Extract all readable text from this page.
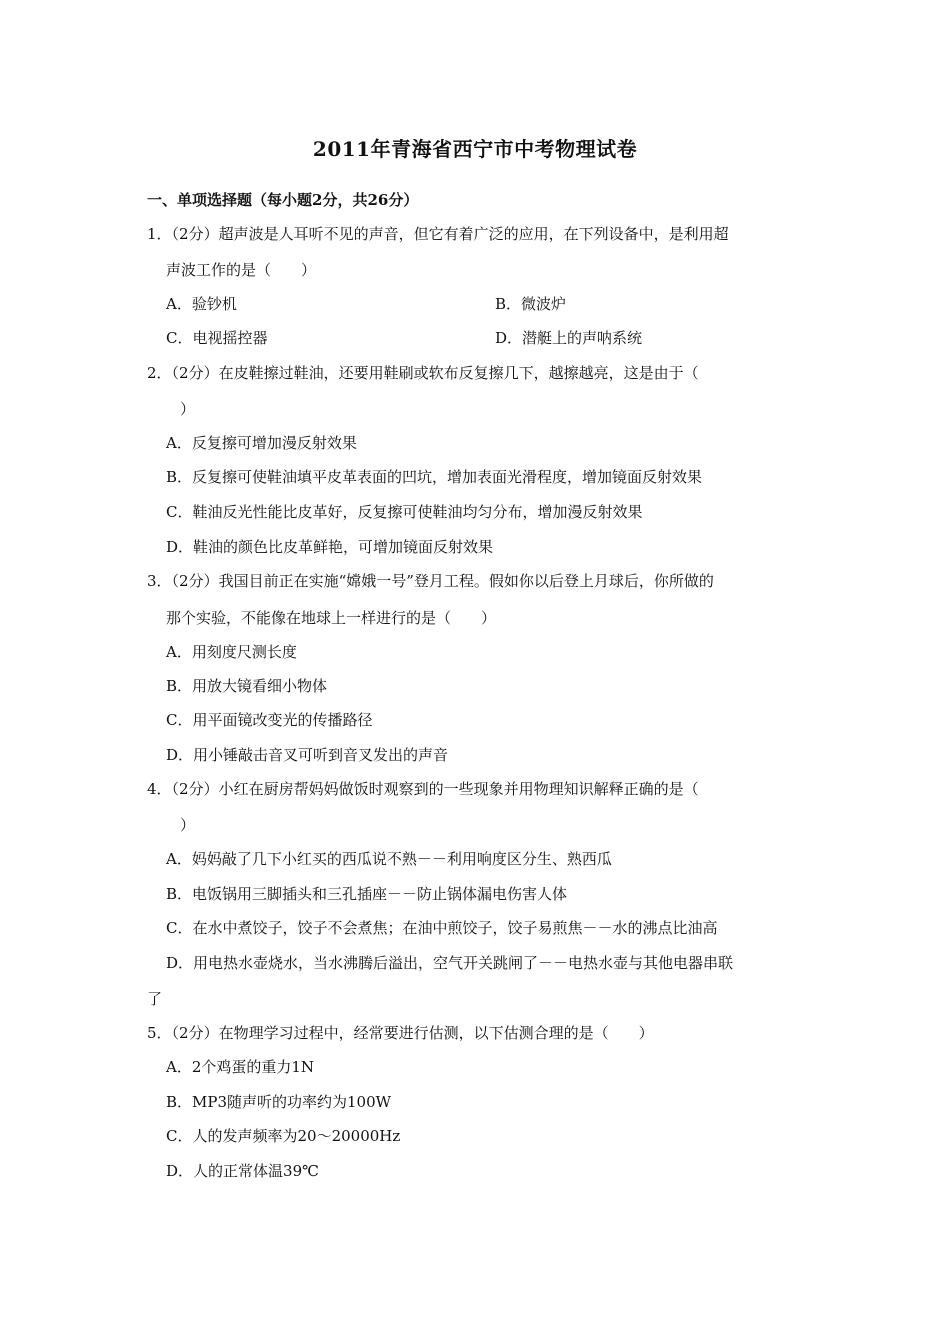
2011年青海省西宁市中考物理试卷
一、单项选择题（每小题2分，共26分）
1．（2分）超声波是人耳听不见的声音，但它有着广泛的应用，在下列设备中，是利用超
声波工作的是（　　）
A．验钞机	B．微波炉
C．电视摇控器	D．潜艇上的声呐系统
2．（2分）在皮鞋擦过鞋油，还要用鞋刷或软布反复擦几下，越擦越亮，这是由于（
）
A．反复擦可增加漫反射效果
B．反复擦可使鞋油填平皮革表面的凹坑，增加表面光滑程度，增加镜面反射效果
C．鞋油反光性能比皮革好，反复擦可使鞋油均匀分布，增加漫反射效果
D．鞋油的颜色比皮革鲜艳，可增加镜面反射效果
3．（2分）我国目前正在实施“嫦娥一号”登月工程。假如你以后登上月球后，你所做的
那个实验，不能像在地球上一样进行的是（　　）
A．用刻度尺测长度
B．用放大镜看细小物体
C．用平面镜改变光的传播路径
D．用小锤敲击音叉可听到音叉发出的声音
4．（2分）小红在厨房帮妈妈做饭时观察到的一些现象并用物理知识解释正确的是（
）
A．妈妈敲了几下小红买的西瓜说不熟－－利用响度区分生、熟西瓜
B．电饭锅用三脚插头和三孔插座－－防止锅体漏电伤害人体
C．在水中煮饺子，饺子不会煮焦；在油中煎饺子，饺子易煎焦－－水的沸点比油高
D．用电热水壶烧水，当水沸腾后溢出，空气开关跳闸了－－电热水壶与其他电器串联
了
5．（2分）在物理学习过程中，经常要进行估测，以下估测合理的是（　　）
A．2个鸡蛋的重力1N
B．MP3随声听的功率约为100W
C．人的发声频率为20～20000Hz
D．人的正常体温39℃
